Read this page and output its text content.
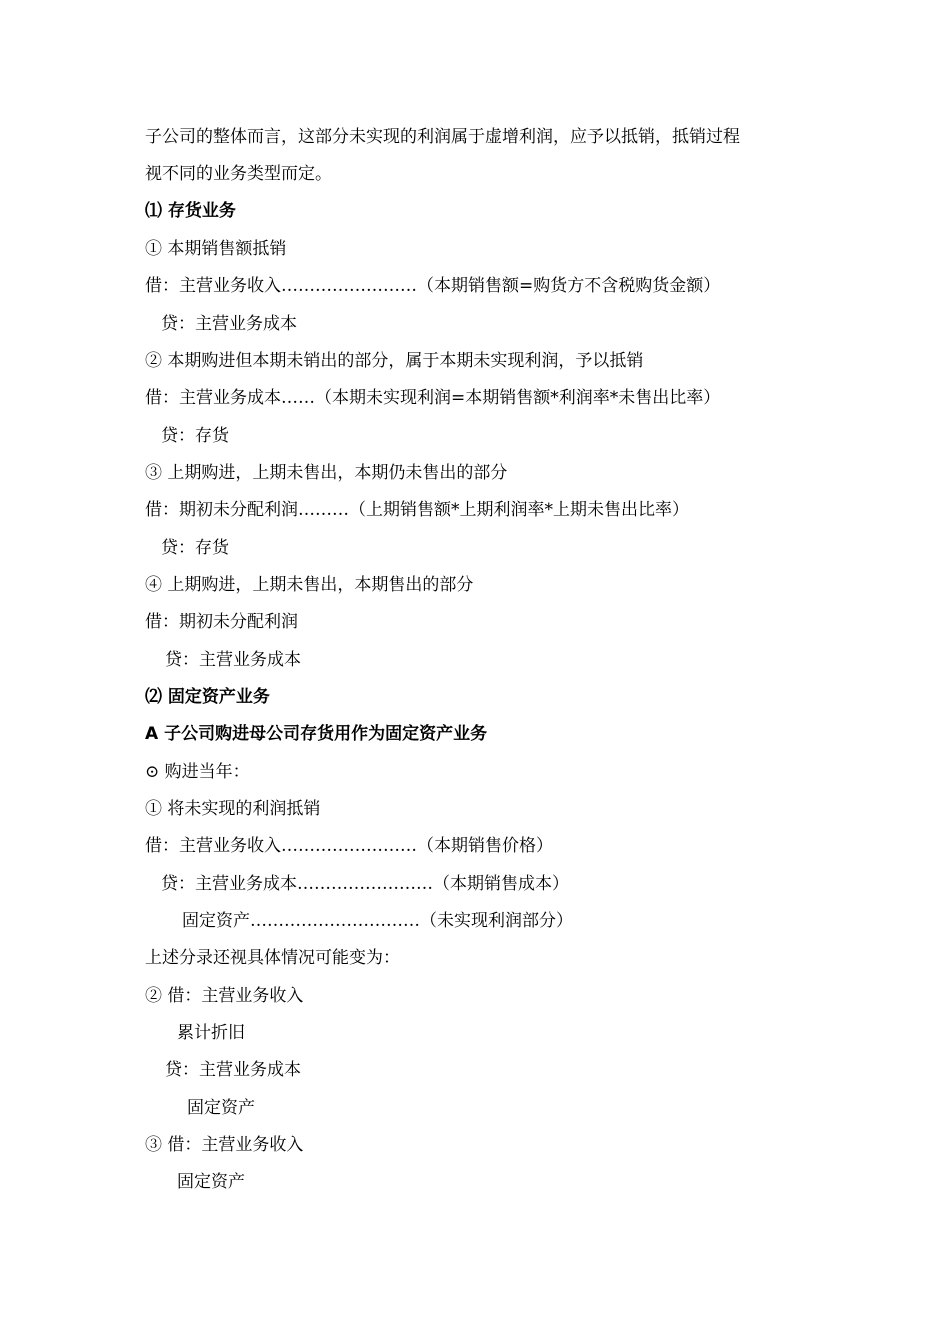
子公司的整体而言，这部分未实现的利润属于虚增利润，应予以抵销，抵销过程
视不同的业务类型而定。
⑴ 存货业务
① 本期销售额抵销
借：主营业务收入……………………（本期销售额=购货方不含税购货金额）
贷：主营业务成本
② 本期购进但本期未销出的部分，属于本期未实现利润，予以抵销
借：主营业务成本……（本期未实现利润=本期销售额*利润率*未售出比率）
贷：存货
③ 上期购进，上期未售出，本期仍未售出的部分
借：期初未分配利润………（上期销售额*上期利润率*上期未售出比率）
贷：存货
④ 上期购进，上期未售出，本期售出的部分
借：期初未分配利润
贷：主营业务成本
⑵ 固定资产业务
A 子公司购进母公司存货用作为固定资产业务
⊙ 购进当年：
① 将未实现的利润抵销
借：主营业务收入……………………（本期销售价格）
贷：主营业务成本……………………（本期销售成本）
固定资产…………………………（未实现利润部分）
上述分录还视具体情况可能变为：
② 借：主营业务收入
累计折旧
贷：主营业务成本
固定资产
③ 借：主营业务收入
固定资产
